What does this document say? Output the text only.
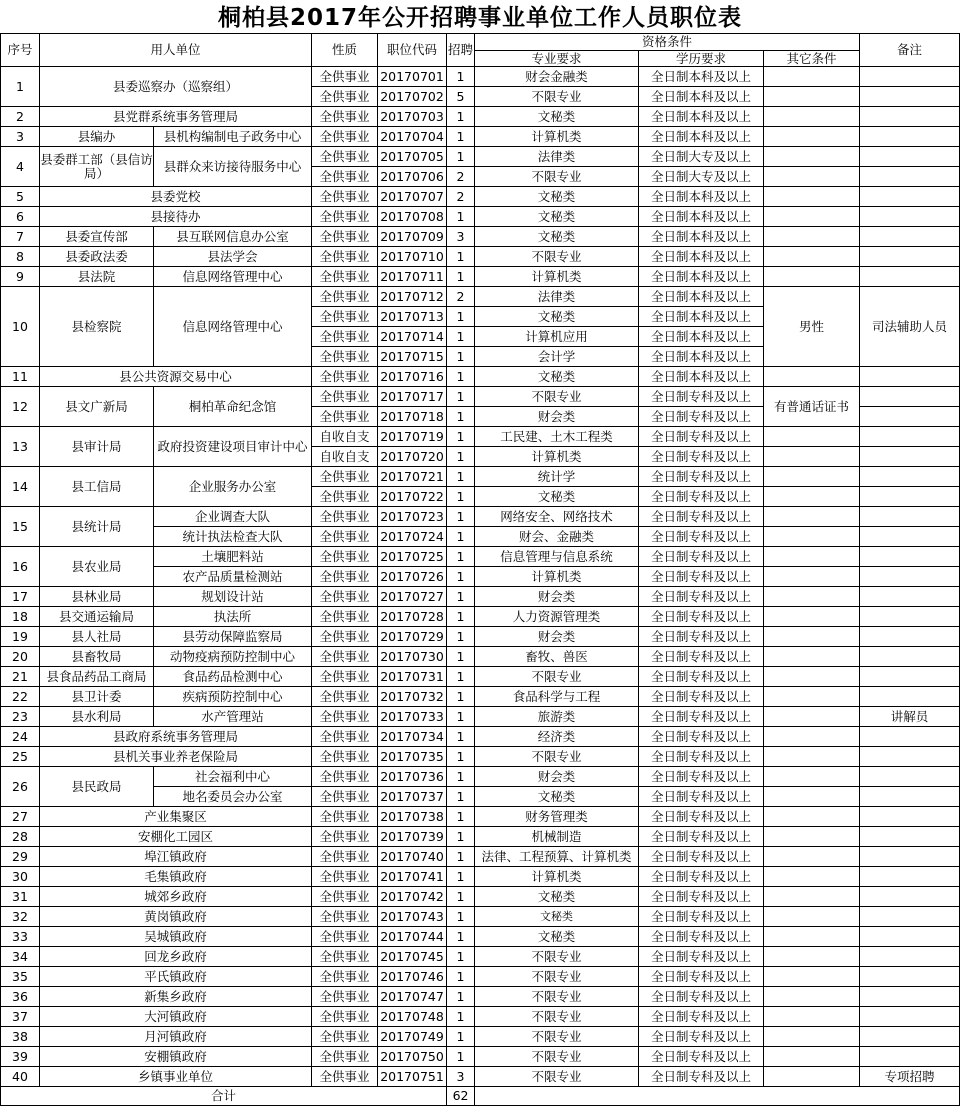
桐柏县2017年公开招聘事业单位工作人员职位表
序号	用人单位		性质	职位代码	招聘	资格条件			备注
						专业要求	学历要求	其它条件	
1	县委巡察办（巡察组）		全供事业	20170701	1	财会金融类	全日制本科及以上		
			全供事业	20170702	5	不限专业	全日制本科及以上		
2	县党群系统事务管理局		全供事业	20170703	1	文秘类	全日制本科及以上		
3	县编办	县机构编制电子政务中心	全供事业	20170704	1	计算机类	全日制本科及以上		
4	县委群工部（县信访局）	县群众来访接待服务中心	全供事业	20170705	1	法律类	全日制大专及以上		
			全供事业	20170706	2	不限专业	全日制大专及以上		
5	县委党校		全供事业	20170707	2	文秘类	全日制本科及以上		
6	县接待办		全供事业	20170708	1	文秘类	全日制本科及以上		
7	县委宣传部	县互联网信息办公室	全供事业	20170709	3	文秘类	全日制本科及以上		
8	县委政法委	县法学会	全供事业	20170710	1	不限专业	全日制本科及以上		
9	县法院	信息网络管理中心	全供事业	20170711	1	计算机类	全日制本科及以上		
10	县检察院	信息网络管理中心	全供事业	20170712	2	法律类	全日制本科及以上	男性	司法辅助人员
			全供事业	20170713	1	文秘类	全日制本科及以上		
			全供事业	20170714	1	计算机应用	全日制本科及以上		
			全供事业	20170715	1	会计学	全日制本科及以上		
11	县公共资源交易中心		全供事业	20170716	1	文秘类	全日制本科及以上		
12	县文广新局	桐柏革命纪念馆	全供事业	20170717	1	不限专业	全日制专科及以上	有普通话证书	
			全供事业	20170718	1	财会类	全日制专科及以上		
13	县审计局	政府投资建设项目审计中心	自收自支	20170719	1	工民建、土木工程类	全日制专科及以上		
			自收自支	20170720	1	计算机类	全日制专科及以上		
14	县工信局	企业服务办公室	全供事业	20170721	1	统计学	全日制专科及以上		
			全供事业	20170722	1	文秘类	全日制专科及以上		
15	县统计局	企业调查大队	全供事业	20170723	1	网络安全、网络技术	全日制专科及以上		
		统计执法检查大队	全供事业	20170724	1	财会、金融类	全日制专科及以上		
16	县农业局	土壤肥料站	全供事业	20170725	1	信息管理与信息系统	全日制专科及以上		
		农产品质量检测站	全供事业	20170726	1	计算机类	全日制专科及以上		
17	县林业局	规划设计站	全供事业	20170727	1	财会类	全日制专科及以上		
18	县交通运输局	执法所	全供事业	20170728	1	人力资源管理类	全日制专科及以上		
19	县人社局	县劳动保障监察局	全供事业	20170729	1	财会类	全日制专科及以上		
20	县畜牧局	动物疫病预防控制中心	全供事业	20170730	1	畜牧、兽医	全日制专科及以上		
21	县食品药品工商局	食品药品检测中心	全供事业	20170731	1	不限专业	全日制专科及以上		
22	县卫计委	疾病预防控制中心	全供事业	20170732	1	食品科学与工程	全日制专科及以上		
23	县水利局	水产管理站	全供事业	20170733	1	旅游类	全日制专科及以上		讲解员
24	县政府系统事务管理局		全供事业	20170734	1	经济类	全日制专科及以上		
25	县机关事业养老保险局		全供事业	20170735	1	不限专业	全日制专科及以上		
26	县民政局	社会福利中心	全供事业	20170736	1	财会类	全日制专科及以上		
		地名委员会办公室	全供事业	20170737	1	文秘类	全日制专科及以上		
27	产业集聚区		全供事业	20170738	1	财务管理类	全日制专科及以上		
28	安棚化工园区		全供事业	20170739	1	机械制造	全日制专科及以上		
29	埠江镇政府		全供事业	20170740	1	法律、工程预算、计算机类	全日制专科及以上		
30	毛集镇政府		全供事业	20170741	1	计算机类	全日制专科及以上		
31	城郊乡政府		全供事业	20170742	1	文秘类	全日制专科及以上		
32	黄岗镇政府		全供事业	20170743	1	文秘类	全日制专科及以上		
33	吴城镇政府		全供事业	20170744	1	文秘类	全日制专科及以上		
34	回龙乡政府		全供事业	20170745	1	不限专业	全日制专科及以上		
35	平氏镇政府		全供事业	20170746	1	不限专业	全日制专科及以上		
36	新集乡政府		全供事业	20170747	1	不限专业	全日制专科及以上		
37	大河镇政府		全供事业	20170748	1	不限专业	全日制专科及以上		
38	月河镇政府		全供事业	20170749	1	不限专业	全日制专科及以上		
39	安棚镇政府		全供事业	20170750	1	不限专业	全日制专科及以上		
40	乡镇事业单位		全供事业	20170751	3	不限专业	全日制专科及以上		专项招聘
合计					62				
